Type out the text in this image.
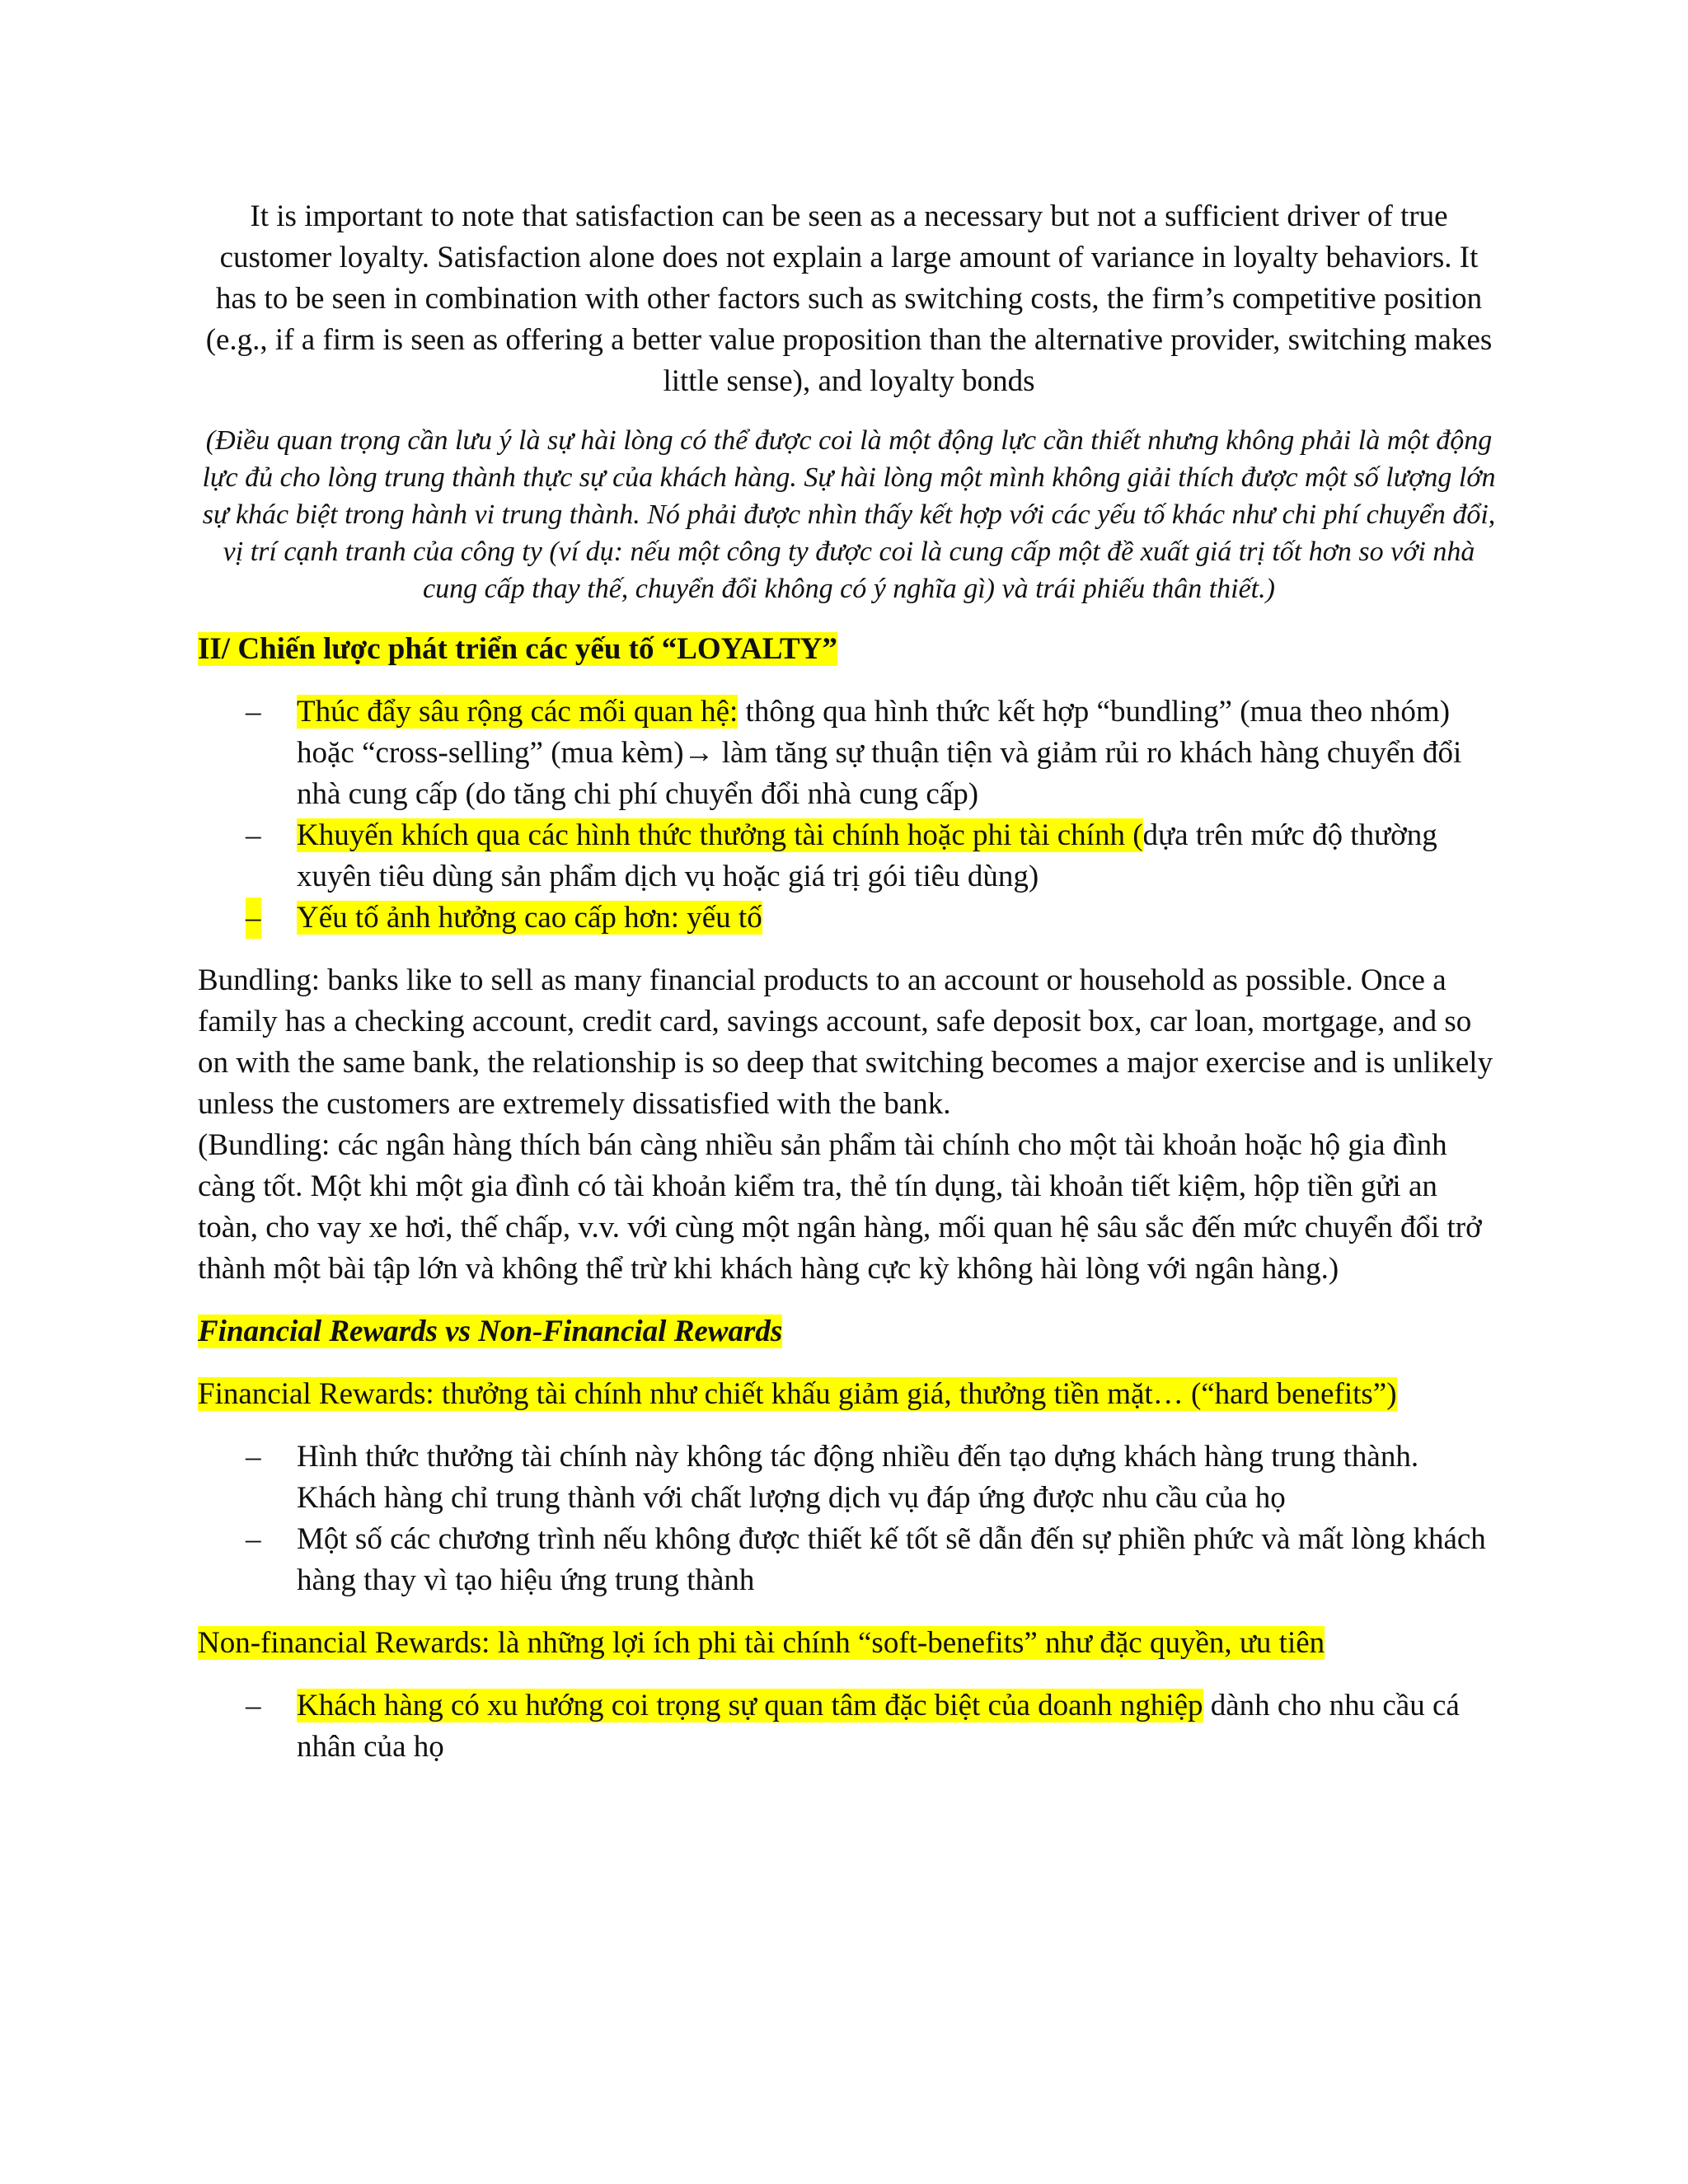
It is important to note that satisfaction can be seen as a necessary but not a sufficient driver of true customer loyalty. Satisfaction alone does not explain a large amount of variance in loyalty behaviors. It has to be seen in combination with other factors such as switching costs, the firm’s competitive position (e.g., if a firm is seen as offering a better value proposition than the alternative provider, switching makes little sense), and loyalty bonds

(Điều quan trọng cần lưu ý là sự hài lòng có thể được coi là một động lực cần thiết nhưng không phải là một động lực đủ cho lòng trung thành thực sự của khách hàng. Sự hài lòng một mình không giải thích được một số lượng lớn sự khác biệt trong hành vi trung thành. Nó phải được nhìn thấy kết hợp với các yếu tố khác như chi phí chuyển đổi, vị trí cạnh tranh của công ty (ví dụ: nếu một công ty được coi là cung cấp một đề xuất giá trị tốt hơn so với nhà cung cấp thay thế, chuyển đổi không có ý nghĩa gì) và trái phiếu thân thiết.)

II/ Chiến lược phát triển các yếu tố “LOYALTY”

– Thúc đẩy sâu rộng các mối quan hệ: thông qua hình thức kết hợp “bundling” (mua theo nhóm) hoặc “cross-selling” (mua kèm)→ làm tăng sự thuận tiện và giảm rủi ro khách hàng chuyển đổi nhà cung cấp (do tăng chi phí chuyển đổi nhà cung cấp)
– Khuyến khích qua các hình thức thưởng tài chính hoặc phi tài chính (dựa trên mức độ thường xuyên tiêu dùng sản phẩm dịch vụ hoặc giá trị gói tiêu dùng)
– Yếu tố ảnh hưởng cao cấp hơn: yếu tố

Bundling: banks like to sell as many financial products to an account or household as possible. Once a family has a checking account, credit card, savings account, safe deposit box, car loan, mortgage, and so on with the same bank, the relationship is so deep that switching becomes a major exercise and is unlikely unless the customers are extremely dissatisfied with the bank.

(Bundling: các ngân hàng thích bán càng nhiều sản phẩm tài chính cho một tài khoản hoặc hộ gia đình càng tốt. Một khi một gia đình có tài khoản kiểm tra, thẻ tín dụng, tài khoản tiết kiệm, hộp tiền gửi an toàn, cho vay xe hơi, thế chấp, v.v. với cùng một ngân hàng, mối quan hệ sâu sắc đến mức chuyển đổi trở thành một bài tập lớn và không thể trừ khi khách hàng cực kỳ không hài lòng với ngân hàng.)

Financial Rewards vs Non-Financial Rewards

Financial Rewards: thưởng tài chính như chiết khấu giảm giá, thưởng tiền mặt… (“hard benefits”)

– Hình thức thưởng tài chính này không tác động nhiều đến tạo dựng khách hàng trung thành. Khách hàng chỉ trung thành với chất lượng dịch vụ đáp ứng được nhu cầu của họ
– Một số các chương trình nếu không được thiết kế tốt sẽ dẫn đến sự phiền phức và mất lòng khách hàng thay vì tạo hiệu ứng trung thành

Non-financial Rewards: là những lợi ích phi tài chính “soft-benefits” như đặc quyền, ưu tiên

– Khách hàng có xu hướng coi trọng sự quan tâm đặc biệt của doanh nghiệp dành cho nhu cầu cá nhân của họ
